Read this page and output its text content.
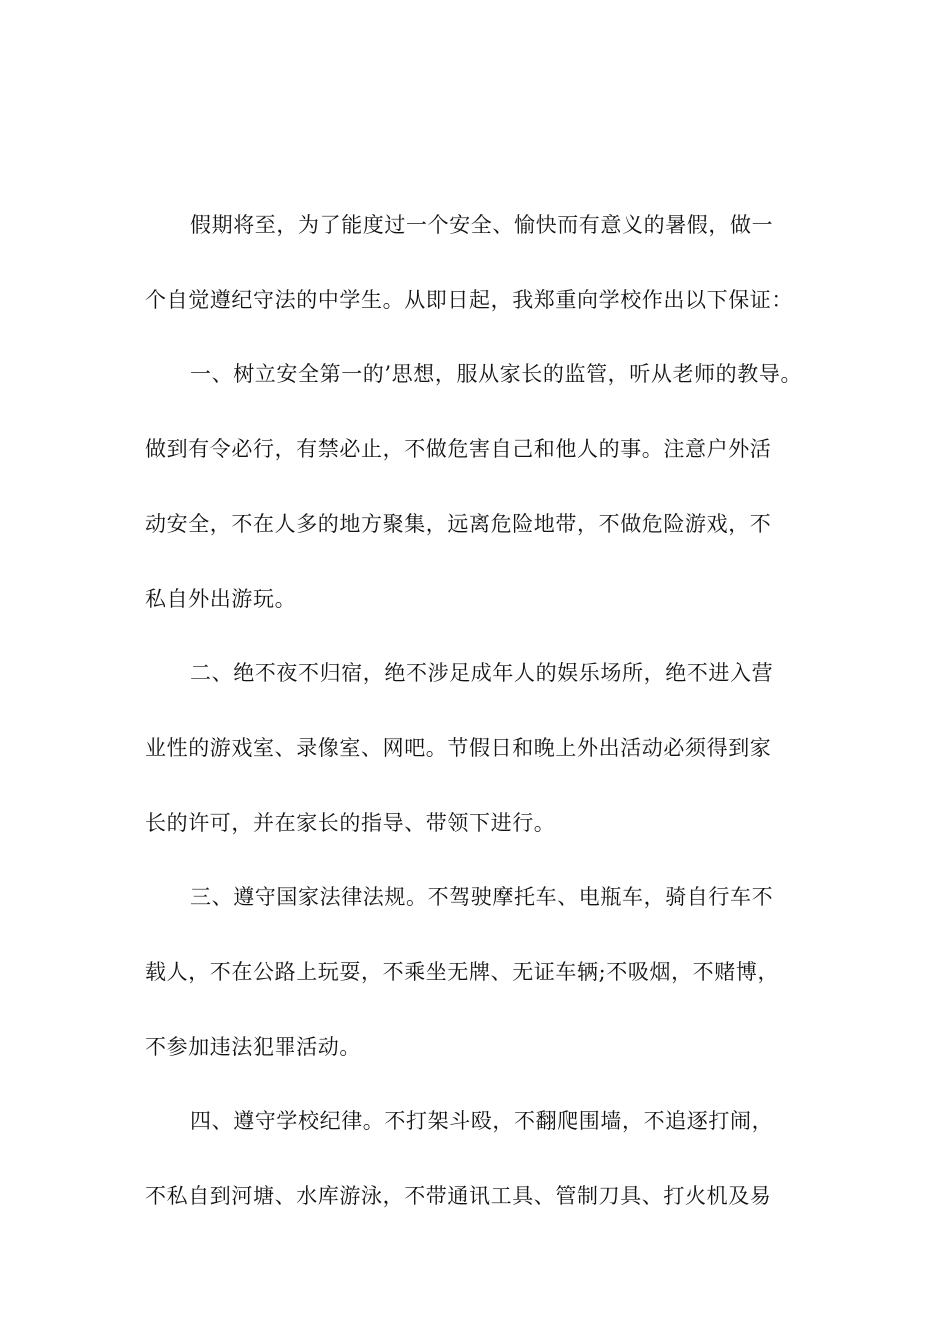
假期将至，为了能度过一个安全、愉快而有意义的暑假，做一
个自觉遵纪守法的中学生。从即日起，我郑重向学校作出以下保证：
一、树立安全第一的’思想，服从家长的监管，听从老师的教导。
做到有令必行，有禁必止，不做危害自己和他人的事。注意户外活
动安全，不在人多的地方聚集，远离危险地带，不做危险游戏，不
私自外出游玩。
二、绝不夜不归宿，绝不涉足成年人的娱乐场所，绝不进入营
业性的游戏室、录像室、网吧。节假日和晚上外出活动必须得到家
长的许可，并在家长的指导、带领下进行。
三、遵守国家法律法规。不驾驶摩托车、电瓶车，骑自行车不
载人，不在公路上玩耍，不乘坐无牌、无证车辆;不吸烟，不赌博，
不参加违法犯罪活动。
四、遵守学校纪律。不打架斗殴，不翻爬围墙，不追逐打闹，
不私自到河塘、水库游泳，不带通讯工具、管制刀具、打火机及易
